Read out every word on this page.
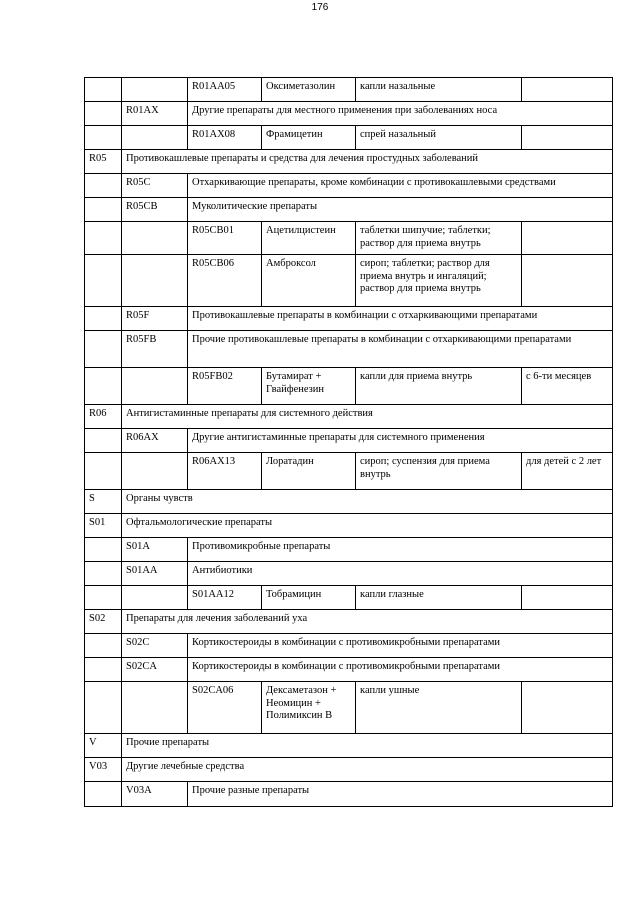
176
		R01AA05	Оксиметазолин	капли назальные	
	R01AX	Другие препараты для местного применения при заболеваниях носа			
		R01AX08	Фрамицетин	спрей назальный	
R05	Противокашлевые препараты и средства для лечения простудных заболеваний				
	R05C	Отхаркивающие препараты, кроме комбинации с противокашлевыми средствами			
	R05CB	Муколитические препараты			
		R05CB01	Ацетилцистеин	таблетки шипучие; таблетки; раствор для приема внутрь	
		R05CB06	Амброксол	сироп; таблетки; раствор для приема внутрь и ингаляций; раствор для приема внутрь	
	R05F	Противокашлевые препараты в комбинации с отхаркивающими препаратами			
	R05FB	Прочие противокашлевые препараты в комбинации с отхаркивающими препаратами			
		R05FB02	Бутамират + Гвайфенезин	капли для приема внутрь	с 6-ти месяцев
R06	Антигистаминные препараты для системного действия				
	R06AX	Другие антигистаминные препараты для системного применения			
		R06AX13	Лоратадин	сироп; суспензия для приема внутрь	для детей с 2 лет
S	Органы чувств				
S01	Офтальмологические препараты				
	S01A	Противомикробные препараты			
	S01AA	Антибиотики			
		S01AA12	Тобрамицин	капли глазные	
S02	Препараты для лечения заболеваний уха				
	S02C	Кортикостероиды в комбинации с противомикробными препаратами			
	S02CA	Кортикостероиды в комбинации с противомикробными препаратами			
		S02CA06	Дексаметазон + Неомицин + Полимиксин B	капли ушные	
V	Прочие препараты				
V03	Другие лечебные средства				
	V03A	Прочие разные препараты			
